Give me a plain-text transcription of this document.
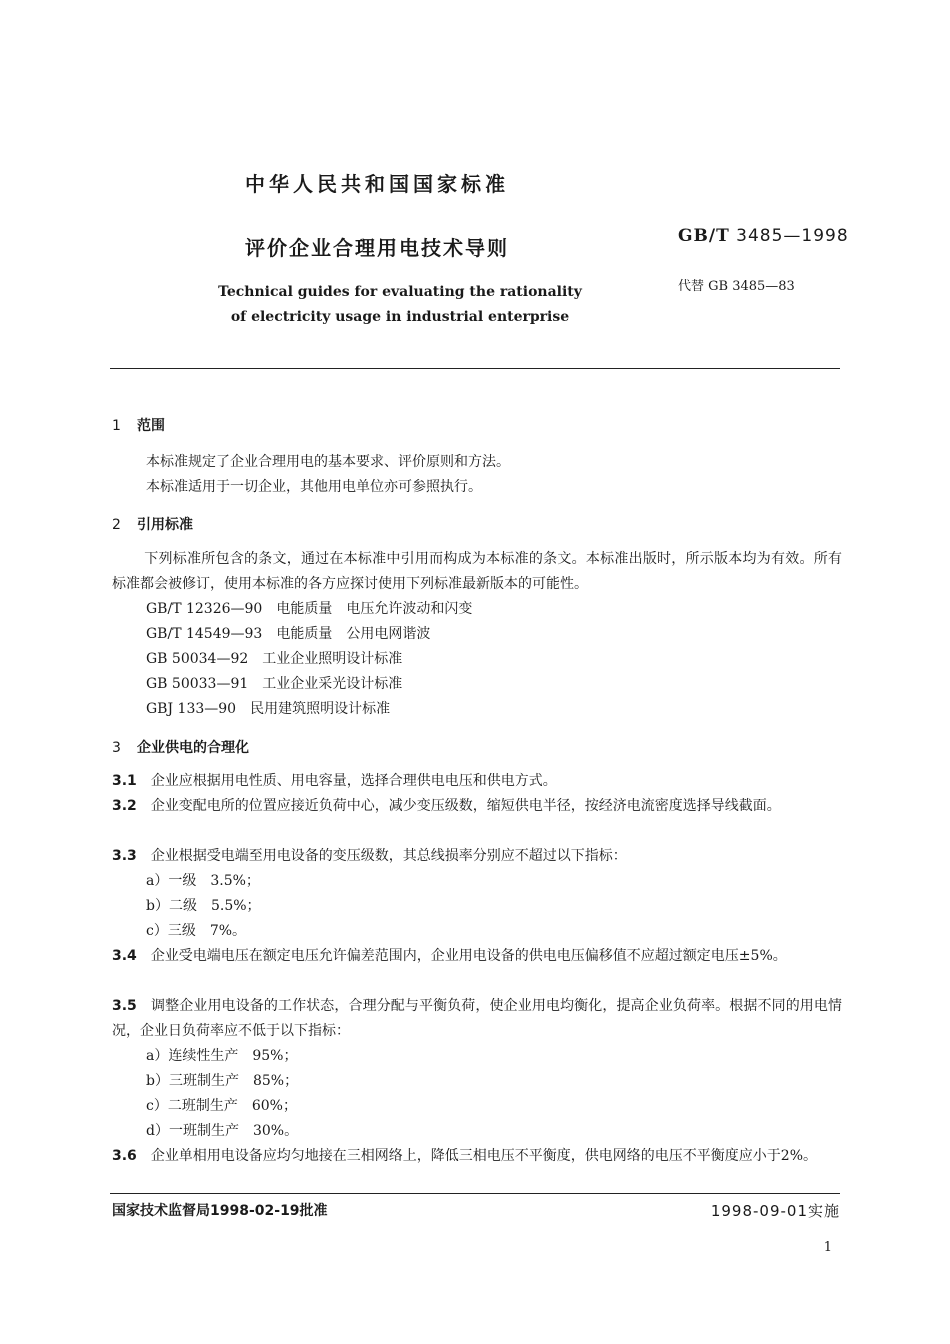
中华人民共和国国家标准
评价企业合理用电技术导则
Technical guides for evaluating the rationality
of electricity usage in industrial enterprise
GB/T 3485—1998
代替 GB 3485—83
1 范围
本标准规定了企业合理用电的基本要求、评价原则和方法。
本标准适用于一切企业，其他用电单位亦可参照执行。
2 引用标准
下列标准所包含的条文，通过在本标准中引用而构成为本标准的条文。本标准出版时，所示版本均为有效。所有标准都会被修订，使用本标准的各方应探讨使用下列标准最新版本的可能性。
GB/T 12326—90　电能质量　电压允许波动和闪变
GB/T 14549—93　电能质量　公用电网谐波
GB 50034—92　工业企业照明设计标准
GB 50033—91　工业企业采光设计标准
GBJ 133—90　民用建筑照明设计标准
3 企业供电的合理化
3.1　 企业应根据用电性质、用电容量，选择合理供电电压和供电方式。
3.2　 企业变配电所的位置应接近负荷中心，减少变压级数，缩短供电半径，按经济电流密度选择导线截面。
3.3　 企业根据受电端至用电设备的变压级数，其总线损率分别应不超过以下指标：
a）一级　3.5%；
b）二级　5.5%；
c）三级　7%。
3.4　 企业受电端电压在额定电压允许偏差范围内，企业用电设备的供电电压偏移值不应超过额定电压±5%。
3.5　 调整企业用电设备的工作状态，合理分配与平衡负荷，使企业用电均衡化，提高企业负荷率。根据不同的用电情况，企业日负荷率应不低于以下指标：
a）连续性生产　95%；
b）三班制生产　85%；
c）二班制生产　60%；
d）一班制生产　30%。
3.6　 企业单相用电设备应均匀地接在三相网络上，降低三相电压不平衡度，供电网络的电压不平衡度应小于2%。
国家技术监督局1998-02-19批准	1998-09-01实施
1
